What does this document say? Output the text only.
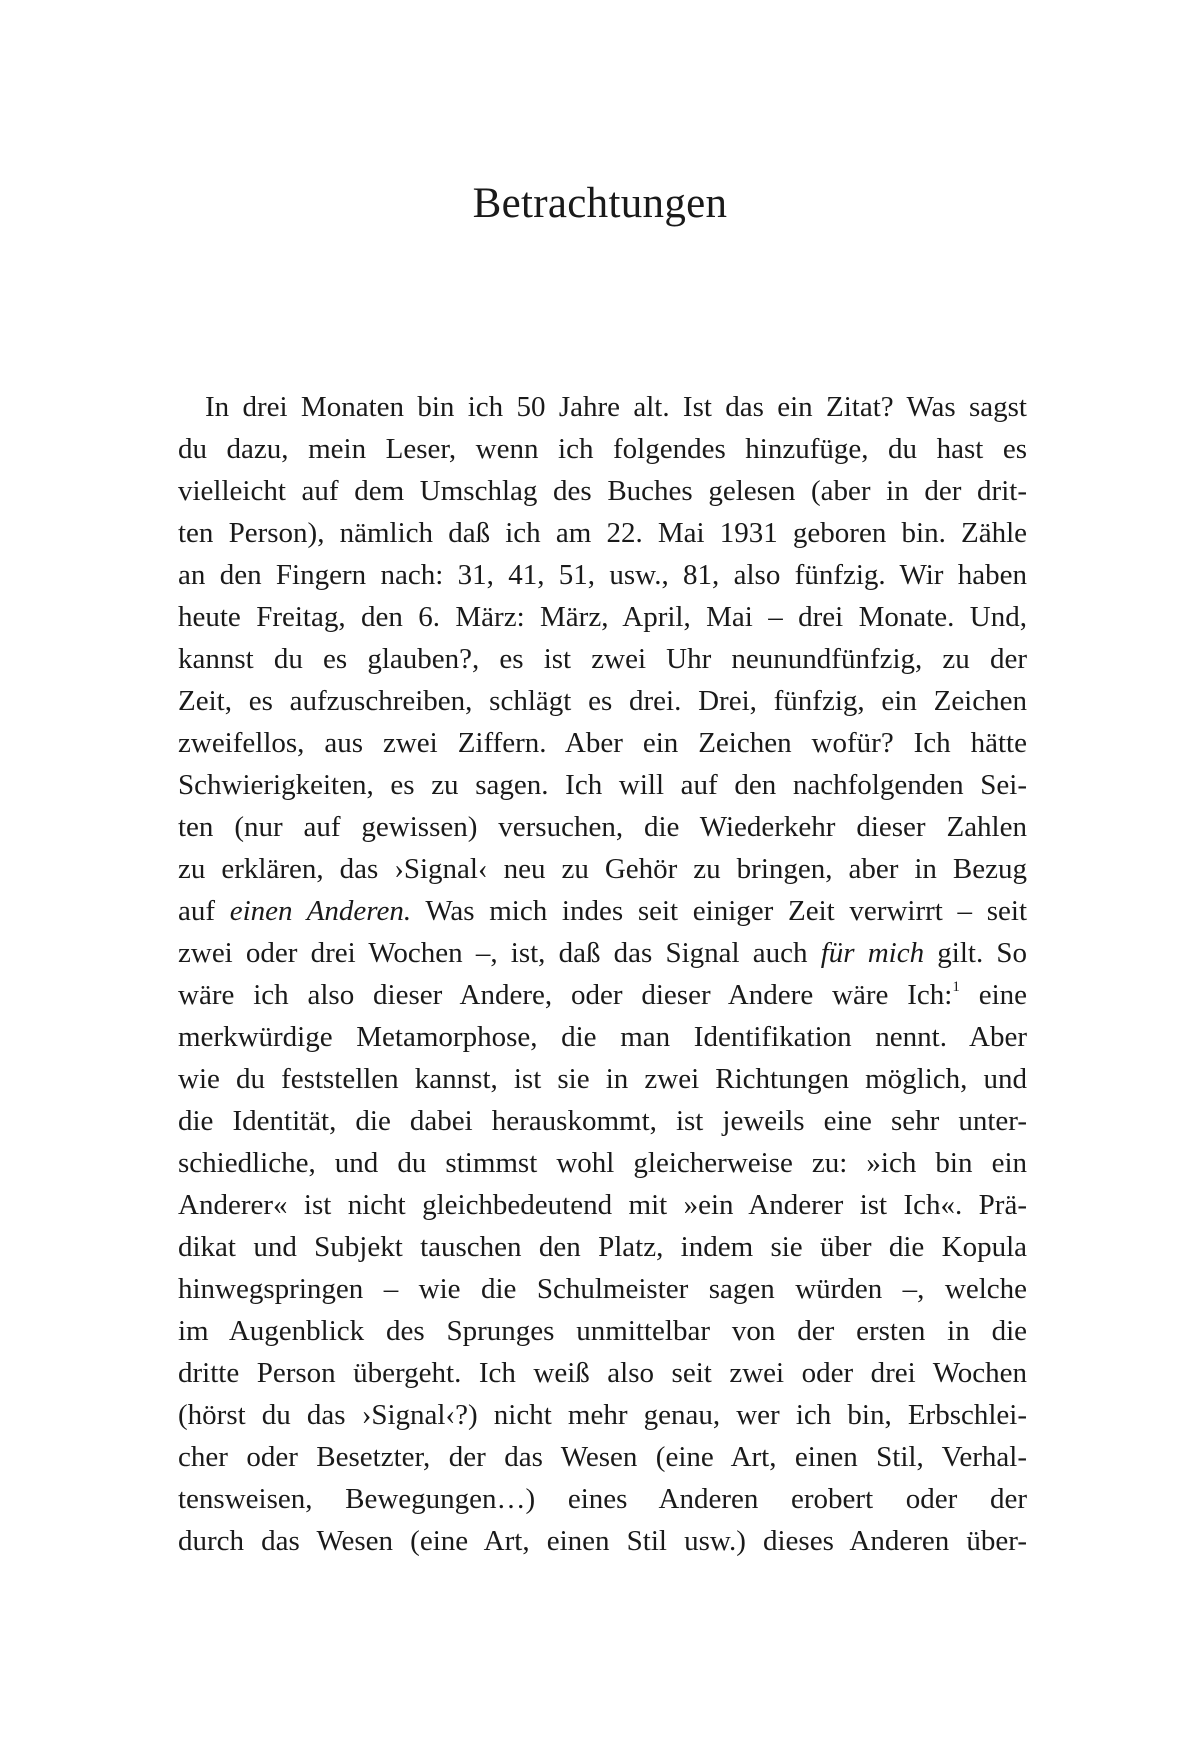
Betrachtungen
In drei Monaten bin ich 50 Jahre alt. Ist das ein Zitat? Was sagst
du dazu, mein Leser, wenn ich folgendes hinzufüge, du hast es
vielleicht auf dem Umschlag des Buches gelesen (aber in der drit-
ten Person), nämlich daß ich am 22. Mai 1931 geboren bin. Zähle
an den Fingern nach: 31, 41, 51, usw., 81, also fünfzig. Wir haben
heute Freitag, den 6. März: März, April, Mai – drei Monate. Und,
kannst du es glauben?, es ist zwei Uhr neunundfünfzig, zu der
Zeit, es aufzuschreiben, schlägt es drei. Drei, fünfzig, ein Zeichen
zweifellos, aus zwei Ziffern. Aber ein Zeichen wofür? Ich hätte
Schwierigkeiten, es zu sagen. Ich will auf den nachfolgenden Sei-
ten (nur auf gewissen) versuchen, die Wiederkehr dieser Zahlen
zu erklären, das ›Signal‹ neu zu Gehör zu bringen, aber in Bezug
auf einen Anderen. Was mich indes seit einiger Zeit verwirrt – seit
zwei oder drei Wochen –, ist, daß das Signal auch für mich gilt. So
wäre ich also dieser Andere, oder dieser Andere wäre Ich:$^1$ eine
merkwürdige Metamorphose, die man Identifikation nennt. Aber
wie du feststellen kannst, ist sie in zwei Richtungen möglich, und
die Identität, die dabei herauskommt, ist jeweils eine sehr unter-
schiedliche, und du stimmst wohl gleicherweise zu: »ich bin ein
Anderer« ist nicht gleichbedeutend mit »ein Anderer ist Ich«. Prä-
dikat und Subjekt tauschen den Platz, indem sie über die Kopula
hinwegspringen – wie die Schulmeister sagen würden –, welche
im Augenblick des Sprunges unmittelbar von der ersten in die
dritte Person übergeht. Ich weiß also seit zwei oder drei Wochen
(hörst du das ›Signal‹?) nicht mehr genau, wer ich bin, Erbschlei-
cher oder Besetzter, der das Wesen (eine Art, einen Stil, Verhal-
tensweisen, Bewegungen…) eines Anderen erobert oder der
durch das Wesen (eine Art, einen Stil usw.) dieses Anderen über-
